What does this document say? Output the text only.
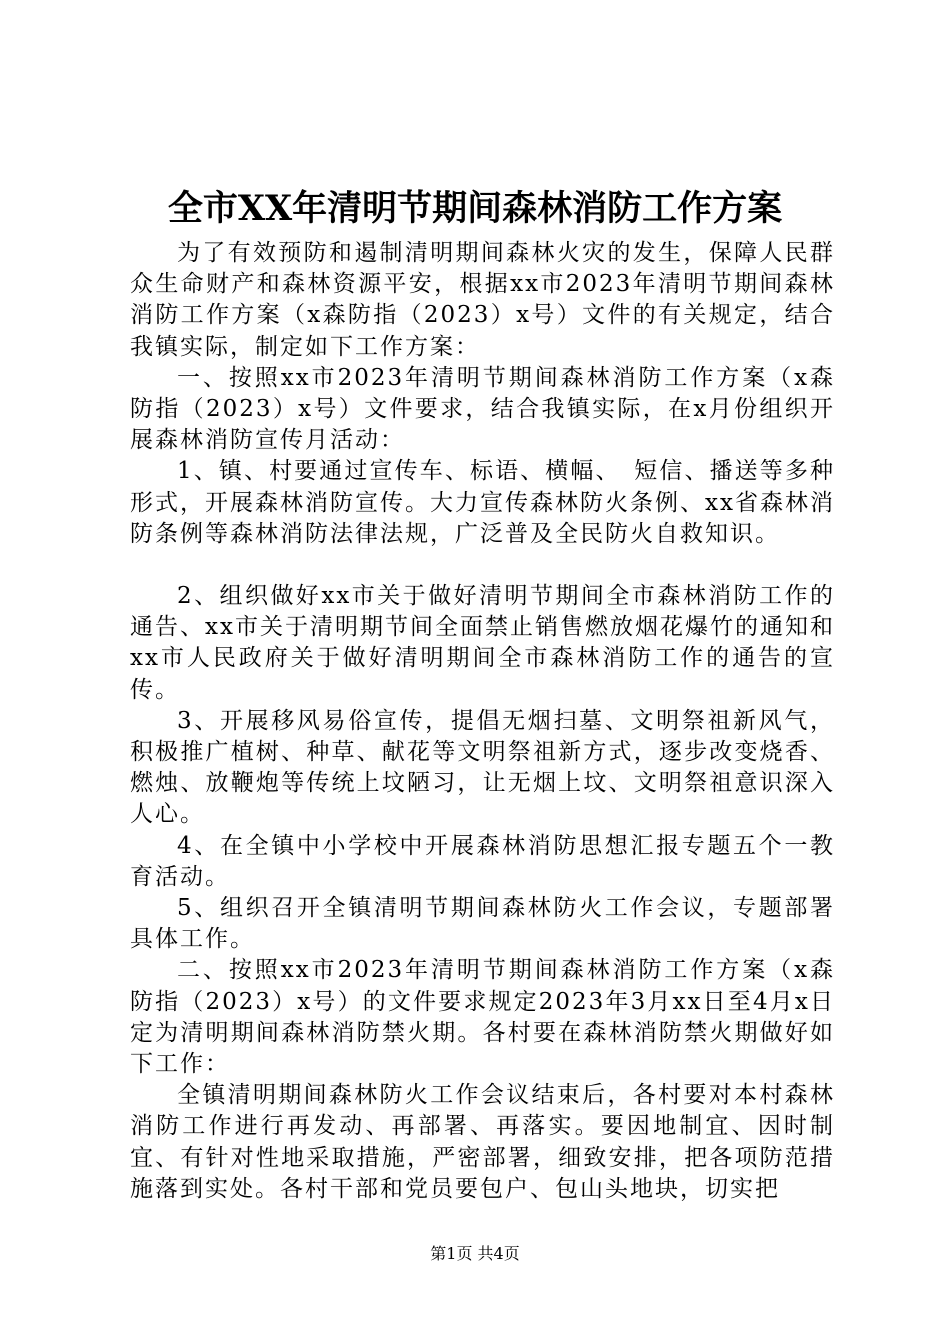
全市XX年清明节期间森林消防工作方案

为了有效预防和遏制清明期间森林火灾的发生，保障人民群众生命财产和森林资源平安，根据xx市2023年清明节期间森林消防工作方案（x森防指（2023）x号）文件的有关规定，结合我镇实际，制定如下工作方案：

一、按照xx市2023年清明节期间森林消防工作方案（x森防指（2023）x号）文件要求，结合我镇实际，在x月份组织开展森林消防宣传月活动：

1、镇、村要通过宣传车、标语、横幅、　短信、播送等多种形式，开展森林消防宣传。大力宣传森林防火条例、xx省森林消防条例等森林消防法律法规，广泛普及全民防火自救知识。

2、组织做好xx市关于做好清明节期间全市森林消防工作的通告、xx市关于清明期节间全面禁止销售燃放烟花爆竹的通知和xx市人民政府关于做好清明期间全市森林消防工作的通告的宣传。

3、开展移风易俗宣传，提倡无烟扫墓、文明祭祖新风气，积极推广植树、种草、献花等文明祭祖新方式，逐步改变烧香、燃烛、放鞭炮等传统上坟陋习，让无烟上坟、文明祭祖意识深入人心。

4、在全镇中小学校中开展森林消防思想汇报专题五个一教育活动。

5、组织召开全镇清明节期间森林防火工作会议，专题部署具体工作。

二、按照xx市2023年清明节期间森林消防工作方案（x森防指（2023）x号）的文件要求规定2023年3月xx日至4月x日定为清明期间森林消防禁火期。各村要在森林消防禁火期做好如下工作：

全镇清明期间森林防火工作会议结束后，各村要对本村森林消防工作进行再发动、再部署、再落实。要因地制宜、因时制宜、有针对性地采取措施，严密部署，细致安排，把各项防范措施落到实处。各村干部和党员要包户、包山头地块，切实把

第1页 共4页
